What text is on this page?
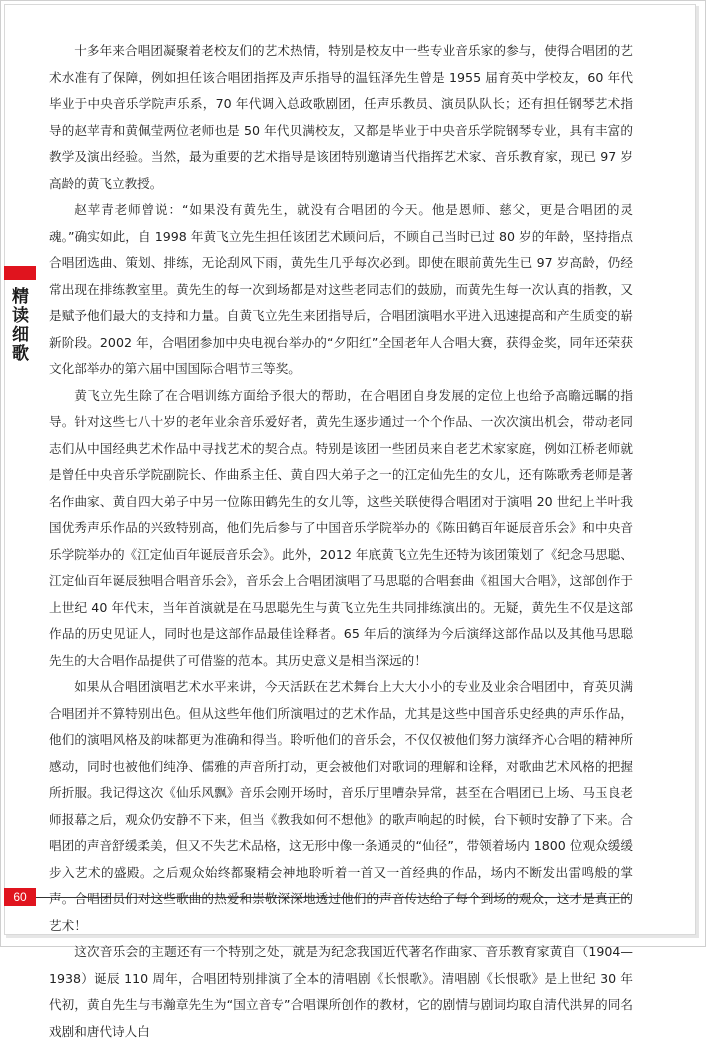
精读细歌

十多年来合唱团凝聚着老校友们的艺术热情，特别是校友中一些专业音乐家的参与，使得合唱团的艺术水准有了保障，例如担任该合唱团指挥及声乐指导的温钰泽先生曾是 1955 届育英中学校友，60 年代毕业于中央音乐学院声乐系，70 年代调入总政歌剧团，任声乐教员、演员队队长；还有担任钢琴艺术指导的赵苹青和黄佩莹两位老师也是 50 年代贝满校友，又都是毕业于中央音乐学院钢琴专业，具有丰富的教学及演出经验。当然，最为重要的艺术指导是该团特别邀请当代指挥艺术家、音乐教育家，现已 97 岁高龄的黄飞立教授。

赵苹青老师曾说：“如果没有黄先生，就没有合唱团的今天。他是恩师、慈父，更是合唱团的灵魂。”确实如此，自 1998 年黄飞立先生担任该团艺术顾问后，不顾自己当时已过 80 岁的年龄，坚持指点合唱团选曲、策划、排练，无论刮风下雨，黄先生几乎每次必到。即使在眼前黄先生已 97 岁高龄，仍经常出现在排练教室里。黄先生的每一次到场都是对这些老同志们的鼓励，而黄先生每一次认真的指教，又是赋予他们最大的支持和力量。自黄飞立先生来团指导后，合唱团演唱水平进入迅速提高和产生质变的崭新阶段。2002 年，合唱团参加中央电视台举办的“夕阳红”全国老年人合唱大赛，获得金奖，同年还荣获文化部举办的第六届中国国际合唱节三等奖。

黄飞立先生除了在合唱训练方面给予很大的帮助，在合唱团自身发展的定位上也给予高瞻远瞩的指导。针对这些七八十岁的老年业余音乐爱好者，黄先生逐步通过一个个作品、一次次演出机会，带动老同志们从中国经典艺术作品中寻找艺术的契合点。特别是该团一些团员来自老艺术家家庭，例如江桥老师就是曾任中央音乐学院副院长、作曲系主任、黄自四大弟子之一的江定仙先生的女儿，还有陈歌秀老师是著名作曲家、黄自四大弟子中另一位陈田鹤先生的女儿等，这些关联使得合唱团对于演唱 20 世纪上半叶我国优秀声乐作品的兴致特别高，他们先后参与了中国音乐学院举办的《陈田鹤百年诞辰音乐会》和中央音乐学院举办的《江定仙百年诞辰音乐会》。此外，2012 年底黄飞立先生还特为该团策划了《纪念马思聪、江定仙百年诞辰独唱合唱音乐会》，音乐会上合唱团演唱了马思聪的合唱套曲《祖国大合唱》，这部创作于上世纪 40 年代末，当年首演就是在马思聪先生与黄飞立先生共同排练演出的。无疑，黄先生不仅是这部作品的历史见证人，同时也是这部作品最佳诠释者。65 年后的演绎为今后演绎这部作品以及其他马思聪先生的大合唱作品提供了可借鉴的范本。其历史意义是相当深远的！

如果从合唱团演唱艺术水平来讲，今天活跃在艺术舞台上大大小小的专业及业余合唱团中，育英贝满合唱团并不算特别出色。但从这些年他们所演唱过的艺术作品，尤其是这些中国音乐史经典的声乐作品，他们的演唱风格及韵味都更为准确和得当。聆听他们的音乐会，不仅仅被他们努力演绎齐心合唱的精神所感动，同时也被他们纯净、儒雅的声音所打动，更会被他们对歌词的理解和诠释，对歌曲艺术风格的把握所折服。我记得这次《仙乐风飘》音乐会刚开场时，音乐厅里嘈杂异常，甚至在合唱团已上场、马玉良老师报幕之后，观众仍安静不下来，但当《教我如何不想他》的歌声响起的时候，台下顿时安静了下来。合唱团的声音舒缓柔美，但又不失艺术品格，这无形中像一条通灵的“仙径”，带领着场内 1800 位观众缓缓步入艺术的盛殿。之后观众始终都聚精会神地聆听着一首又一首经典的作品，场内不断发出雷鸣般的掌声。合唱团员们对这些歌曲的热爱和崇敬深深地透过他们的声音传达给了每个到场的观众，这才是真正的艺术！

这次音乐会的主题还有一个特别之处，就是为纪念我国近代著名作曲家、音乐教育家黄自（1904—1938）诞辰 110 周年，合唱团特别排演了全本的清唱剧《长恨歌》。清唱剧《长恨歌》是上世纪 30 年代初，黄自先生与韦瀚章先生为“国立音专”合唱课所创作的教材，它的剧情与剧词均取自清代洪昇的同名戏剧和唐代诗人白

60
